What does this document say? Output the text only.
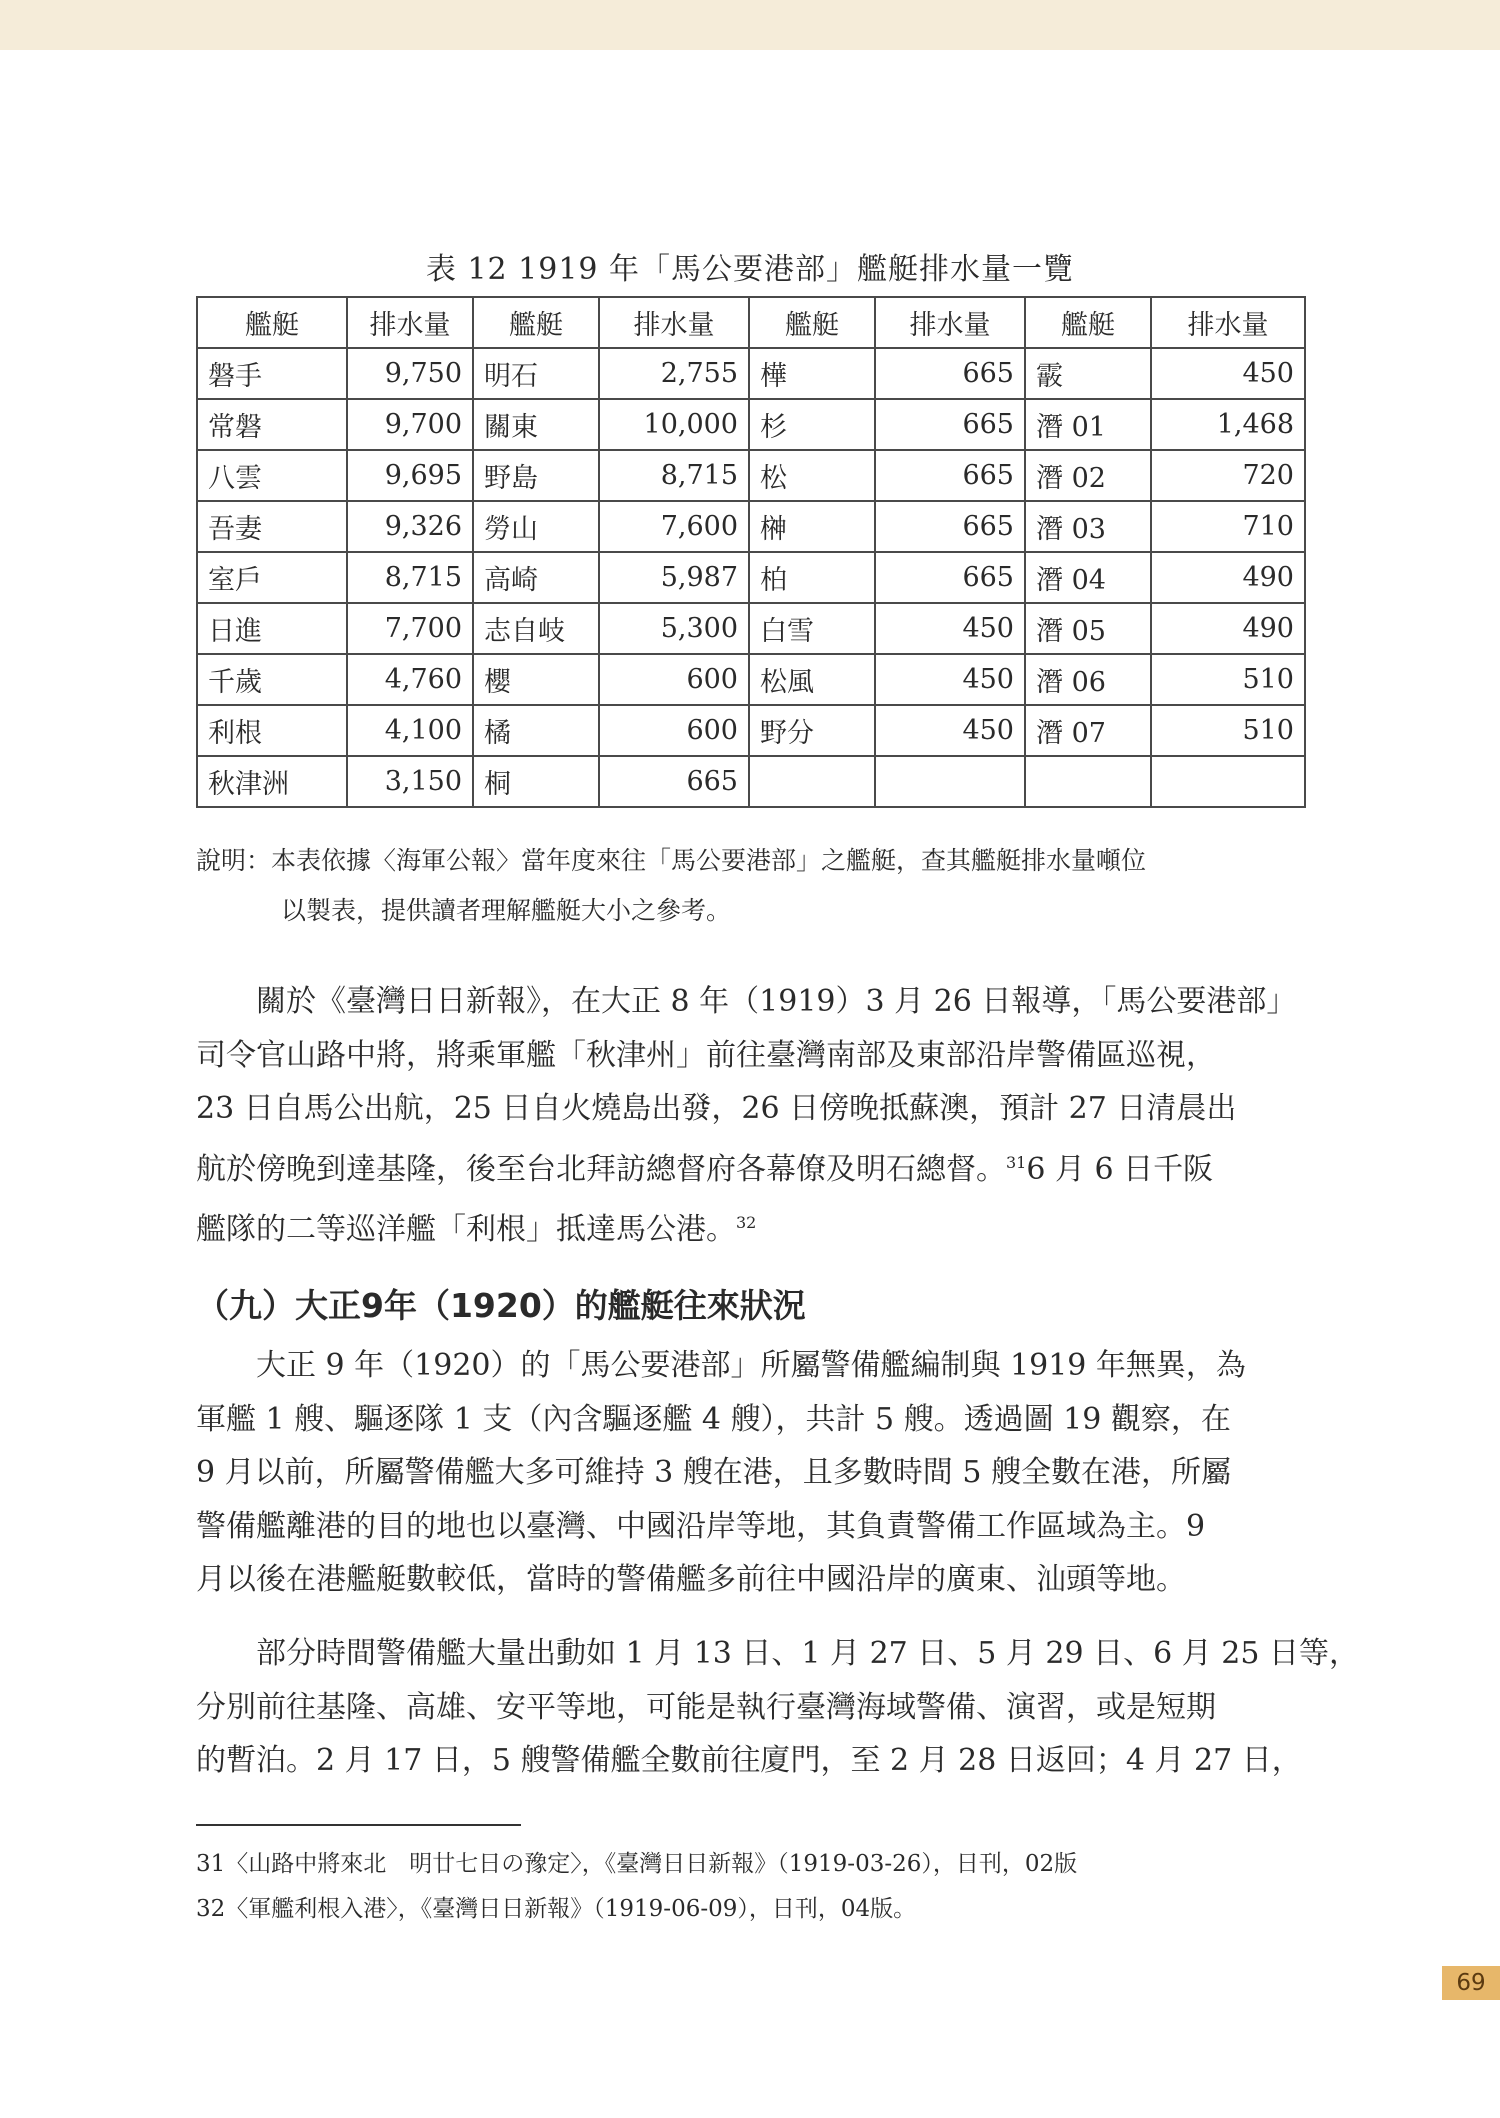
表 12 1919 年「馬公要港部」艦艇排水量一覽
艦艇	排水量	艦艇	排水量	艦艇	排水量	艦艇	排水量
磐手	9,750	明石	2,755	樺	665	霰	450
常磐	9,700	關東	10,000	杉	665	潛 01	1,468
八雲	9,695	野島	8,715	松	665	潛 02	720
吾妻	9,326	勞山	7,600	榊	665	潛 03	710
室戶	8,715	高崎	5,987	柏	665	潛 04	490
日進	7,700	志自岐	5,300	白雪	450	潛 05	490
千歲	4,760	櫻	600	松風	450	潛 06	510
利根	4,100	橘	600	野分	450	潛 07	510
秋津洲	3,150	桐	665				
說明：本表依據〈海軍公報〉當年度來往「馬公要港部」之艦艇，查其艦艇排水量噸位
以製表，提供讀者理解艦艇大小之參考。
　　關於《臺灣日日新報》，在大正 8 年（1919）3 月 26 日報導，「馬公要港部」
司令官山路中將，將乘軍艦「秋津州」前往臺灣南部及東部沿岸警備區巡視，
23 日自馬公出航，25 日自火燒島出發，26 日傍晚抵蘇澳，預計 27 日清晨出
航於傍晚到達基隆，後至台北拜訪總督府各幕僚及明石總督。$^{31}$6 月 6 日千阪
艦隊的二等巡洋艦「利根」抵達馬公港。$^{32}$
（九）大正9年（1920）的艦艇往來狀況
　　大正 9 年（1920）的「馬公要港部」所屬警備艦編制與 1919 年無異，為
軍艦 1 艘、驅逐隊 1 支（內含驅逐艦 4 艘），共計 5 艘。透過圖 19 觀察，在
9 月以前，所屬警備艦大多可維持 3 艘在港，且多數時間 5 艘全數在港，所屬
警備艦離港的目的地也以臺灣、中國沿岸等地，其負責警備工作區域為主。9
月以後在港艦艇數較低，當時的警備艦多前往中國沿岸的廣東、汕頭等地。
　　部分時間警備艦大量出動如 1 月 13 日、1 月 27 日、5 月 29 日、6 月 25 日等，
分別前往基隆、高雄、安平等地，可能是執行臺灣海域警備、演習，或是短期
的暫泊。2 月 17 日，5 艘警備艦全數前往廈門，至 2 月 28 日返回；4 月 27 日，
31〈山路中將來北　明廿七日の豫定〉，《臺灣日日新報》（1919-03-26），日刊，02版
32〈軍艦利根入港〉，《臺灣日日新報》（1919-06-09），日刊，04版。
69
